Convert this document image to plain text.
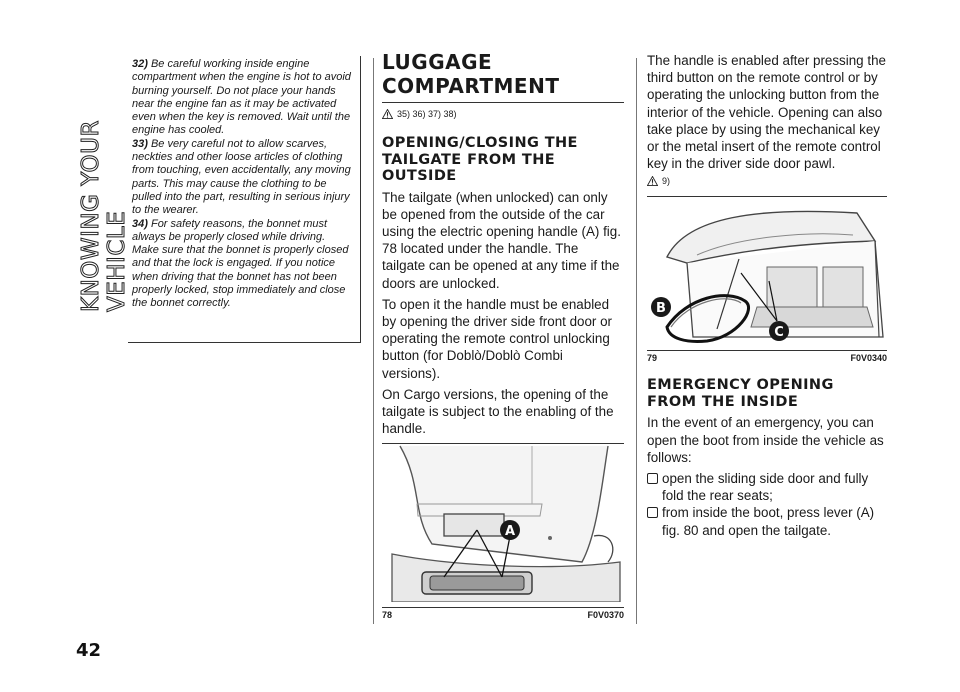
KNOWING YOUR VEHICLE
42

32) Be careful working inside engine compartment when the engine is hot to avoid burning yourself. Do not place your hands near the engine fan as it may be activated even when the key is removed. Wait until the engine has cooled.

33) Be very careful not to allow scarves, neckties and other loose articles of clothing from touching, even accidentally, any moving parts. This may cause the clothing to be pulled into the part, resulting in serious injury to the wearer.

34) For safety reasons, the bonnet must always be properly closed while driving. Make sure that the bonnet is properly closed and that the lock is engaged. If you notice when driving that the bonnet has not been properly locked, stop immediately and close the bonnet correctly.

LUGGAGE COMPARTMENT
35) 36) 37) 38)
OPENING/CLOSING THE TAILGATE FROM THE OUTSIDE

The tailgate (when unlocked) can only be opened from the outside of the car using the electric opening handle (A) fig. 78 located under the handle. The tailgate can be opened at any time if the doors are unlocked.

To open it the handle must be enabled by opening the driver side front door or operating the remote control unlocking button (for Doblò/Doblò Combi versions).

On Cargo versions, the opening of the tailgate is subject to the enabling of the handle.

A
78	F0V0370

The handle is enabled after pressing the third button on the remote control or by operating the unlocking button from the interior of the vehicle. Opening can also take place by using the mechanical key or the metal insert of the remote control key in the driver side door pawl.

9)
B
C
79	F0V0340
EMERGENCY OPENING FROM THE INSIDE

In the event of an emergency, you can open the boot from inside the vehicle as follows:

open the sliding side door and fully fold the rear seats;
from inside the boot, press lever (A) fig. 80 and open the tailgate.
